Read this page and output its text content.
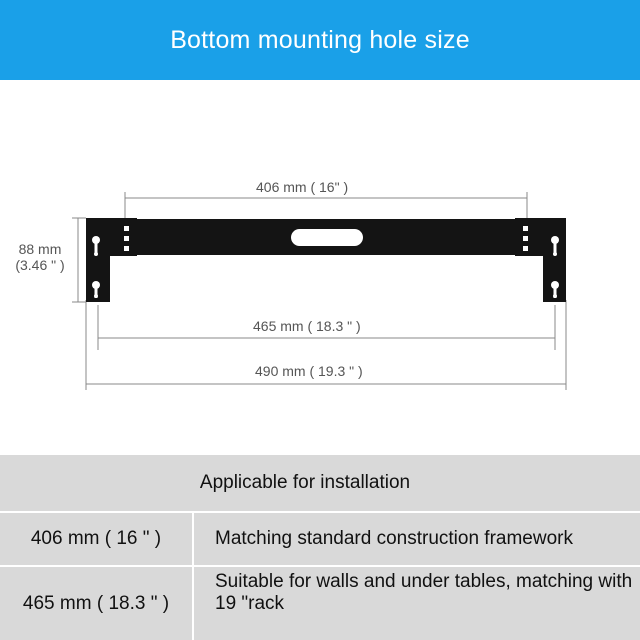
Bottom mounting hole size
406 mm ( 16" )
465 mm ( 18.3 " )
490 mm ( 19.3 " )
88 mm
(3.46 " )
Applicable for installation
406 mm ( 16 " )	Matching standard construction framework
465 mm ( 18.3 " )
Suitable for walls and under tables, matching with 19 "rack
